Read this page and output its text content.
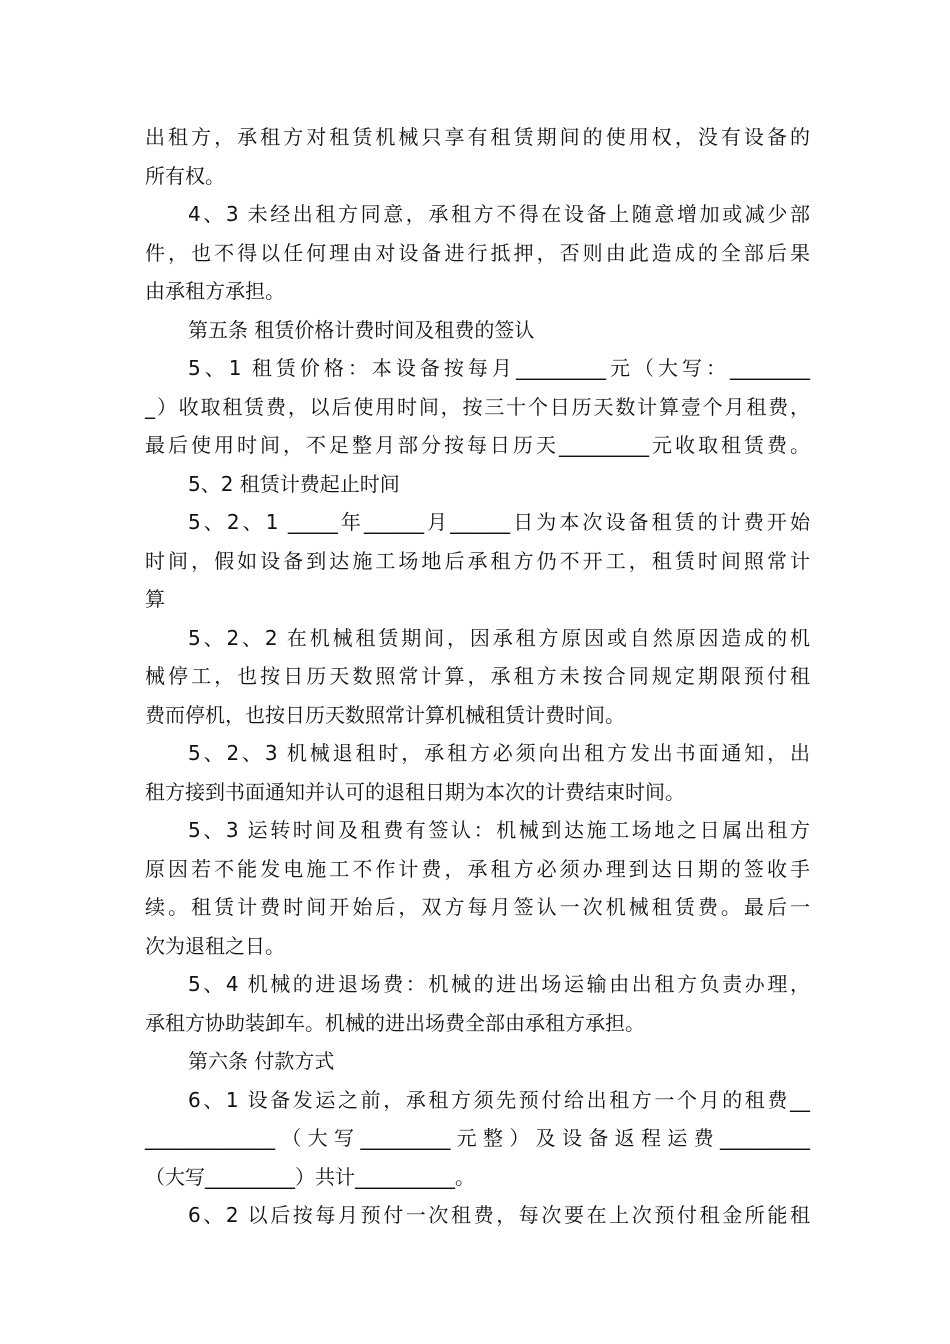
出租方，承租方对租赁机械只享有租赁期间的使用权，没有设备的
所有权。
4、3 未经出租方同意，承租方不得在设备上随意增加或减少部
件，也不得以任何理由对设备进行抵押，否则由此造成的全部后果
由承租方承担。
第五条 租赁价格计费时间及租费的签认
5、1 租赁价格：本设备按每月_________元（大写：________
_）收取租赁费，以后使用时间，按三十个日历天数计算壹个月租费，
最后使用时间，不足整月部分按每日历天_________元收取租赁费。
5、2 租赁计费起止时间
5、2、1 _____年______月______日为本次设备租赁的计费开始
时间，假如设备到达施工场地后承租方仍不开工，租赁时间照常计
算
5、2、2 在机械租赁期间，因承租方原因或自然原因造成的机
械停工，也按日历天数照常计算，承租方未按合同规定期限预付租
费而停机，也按日历天数照常计算机械租赁计费时间。
5、2、3 机械退租时，承租方必须向出租方发出书面通知，出
租方接到书面通知并认可的退租日期为本次的计费结束时间。
5、3 运转时间及租费有签认：机械到达施工场地之日属出租方
原因若不能发电施工不作计费，承租方必须办理到达日期的签收手
续。租赁计费时间开始后，双方每月签认一次机械租赁费。最后一
次为退租之日。
5、4 机械的进退场费：机械的进出场运输由出租方负责办理，
承租方协助装卸车。机械的进出场费全部由承租方承担。
第六条 付款方式
6、1 设备发运之前，承租方须先预付给出租方一个月的租费__
_____________（大写_________元整）及设备返程运费_________
（大写_________）共计__________。
6、2 以后按每月预付一次租费，每次要在上次预付租金所能租
